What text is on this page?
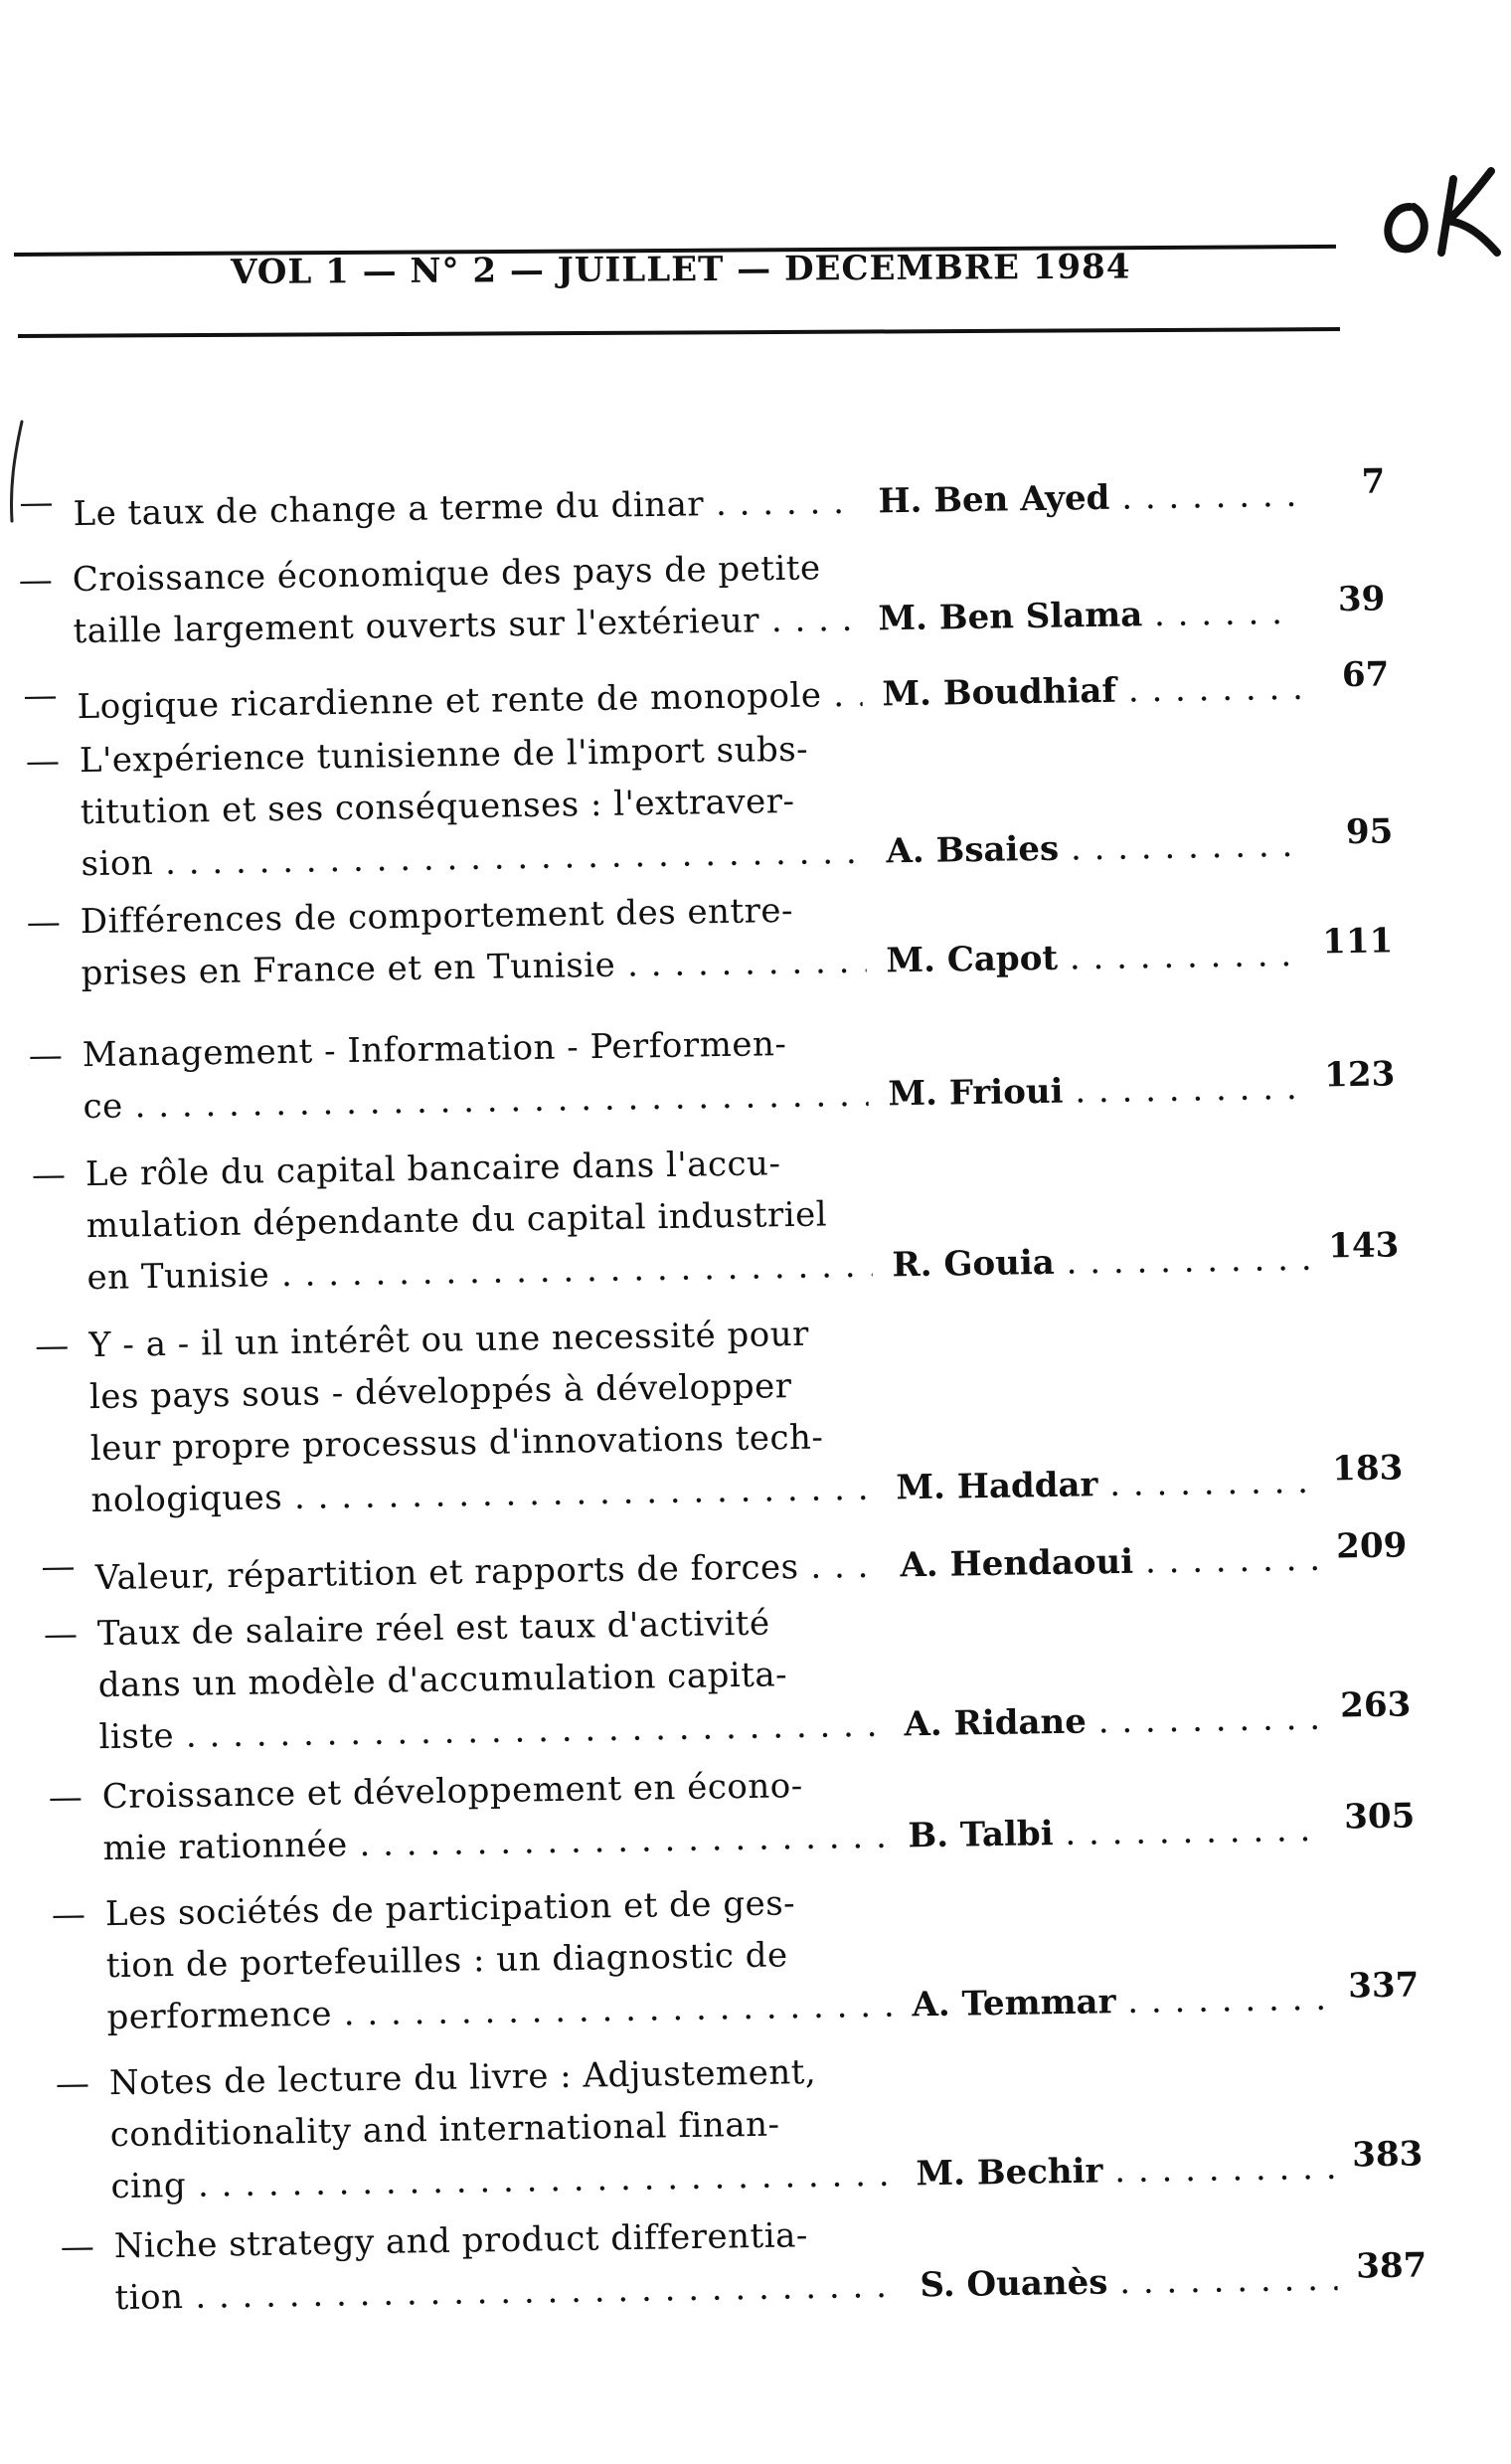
VOL 1 — N° 2 — JUILLET — DECEMBRE 1984
— Le taux de change a terme du dinar . . .	H. Ben Ayed . . .	7
— Croissance économique des pays de petite
taille largement ouverts sur l'extérieur . . .	M. Ben Slama . . .	39
— Logique ricardienne et rente de monopole . . .	M. Boudhiaf . . .	67
— L'expérience tunisienne de l'import subs-
titution et ses conséquenses : l'extraver-
sion . . .	A. Bsaies . . .	95
— Différences de comportement des entre-
prises en France et en Tunisie . . .	M. Capot . . .	111
— Management - Information - Performen-
ce . . .	M. Frioui . . .	123
— Le rôle du capital bancaire dans l'accu-
mulation dépendante du capital industriel
en Tunisie . . .	R. Gouia . . .	143
— Y - a - il un intérêt ou une necessité pour
les pays sous - développés à développer
leur propre processus d'innovations tech-
nologiques . . .	M. Haddar . . .	183
— Valeur, répartition et rapports de forces . . .	A. Hendaoui . . .	209
— Taux de salaire réel est taux d'activité
dans un modèle d'accumulation capita-
liste . . .	A. Ridane . . .	263
— Croissance et développement en écono-
mie rationnée . . .	B. Talbi . . .	305
— Les sociétés de participation et de ges-
tion de portefeuilles : un diagnostic de
performence . . .	A. Temmar . . .	337
— Notes de lecture du livre : Adjustement,
conditionality and international finan-
cing . . .	M. Bechir . . .	383
— Niche strategy and product differentia-
tion . . .	S. Ouanès . . .	387
